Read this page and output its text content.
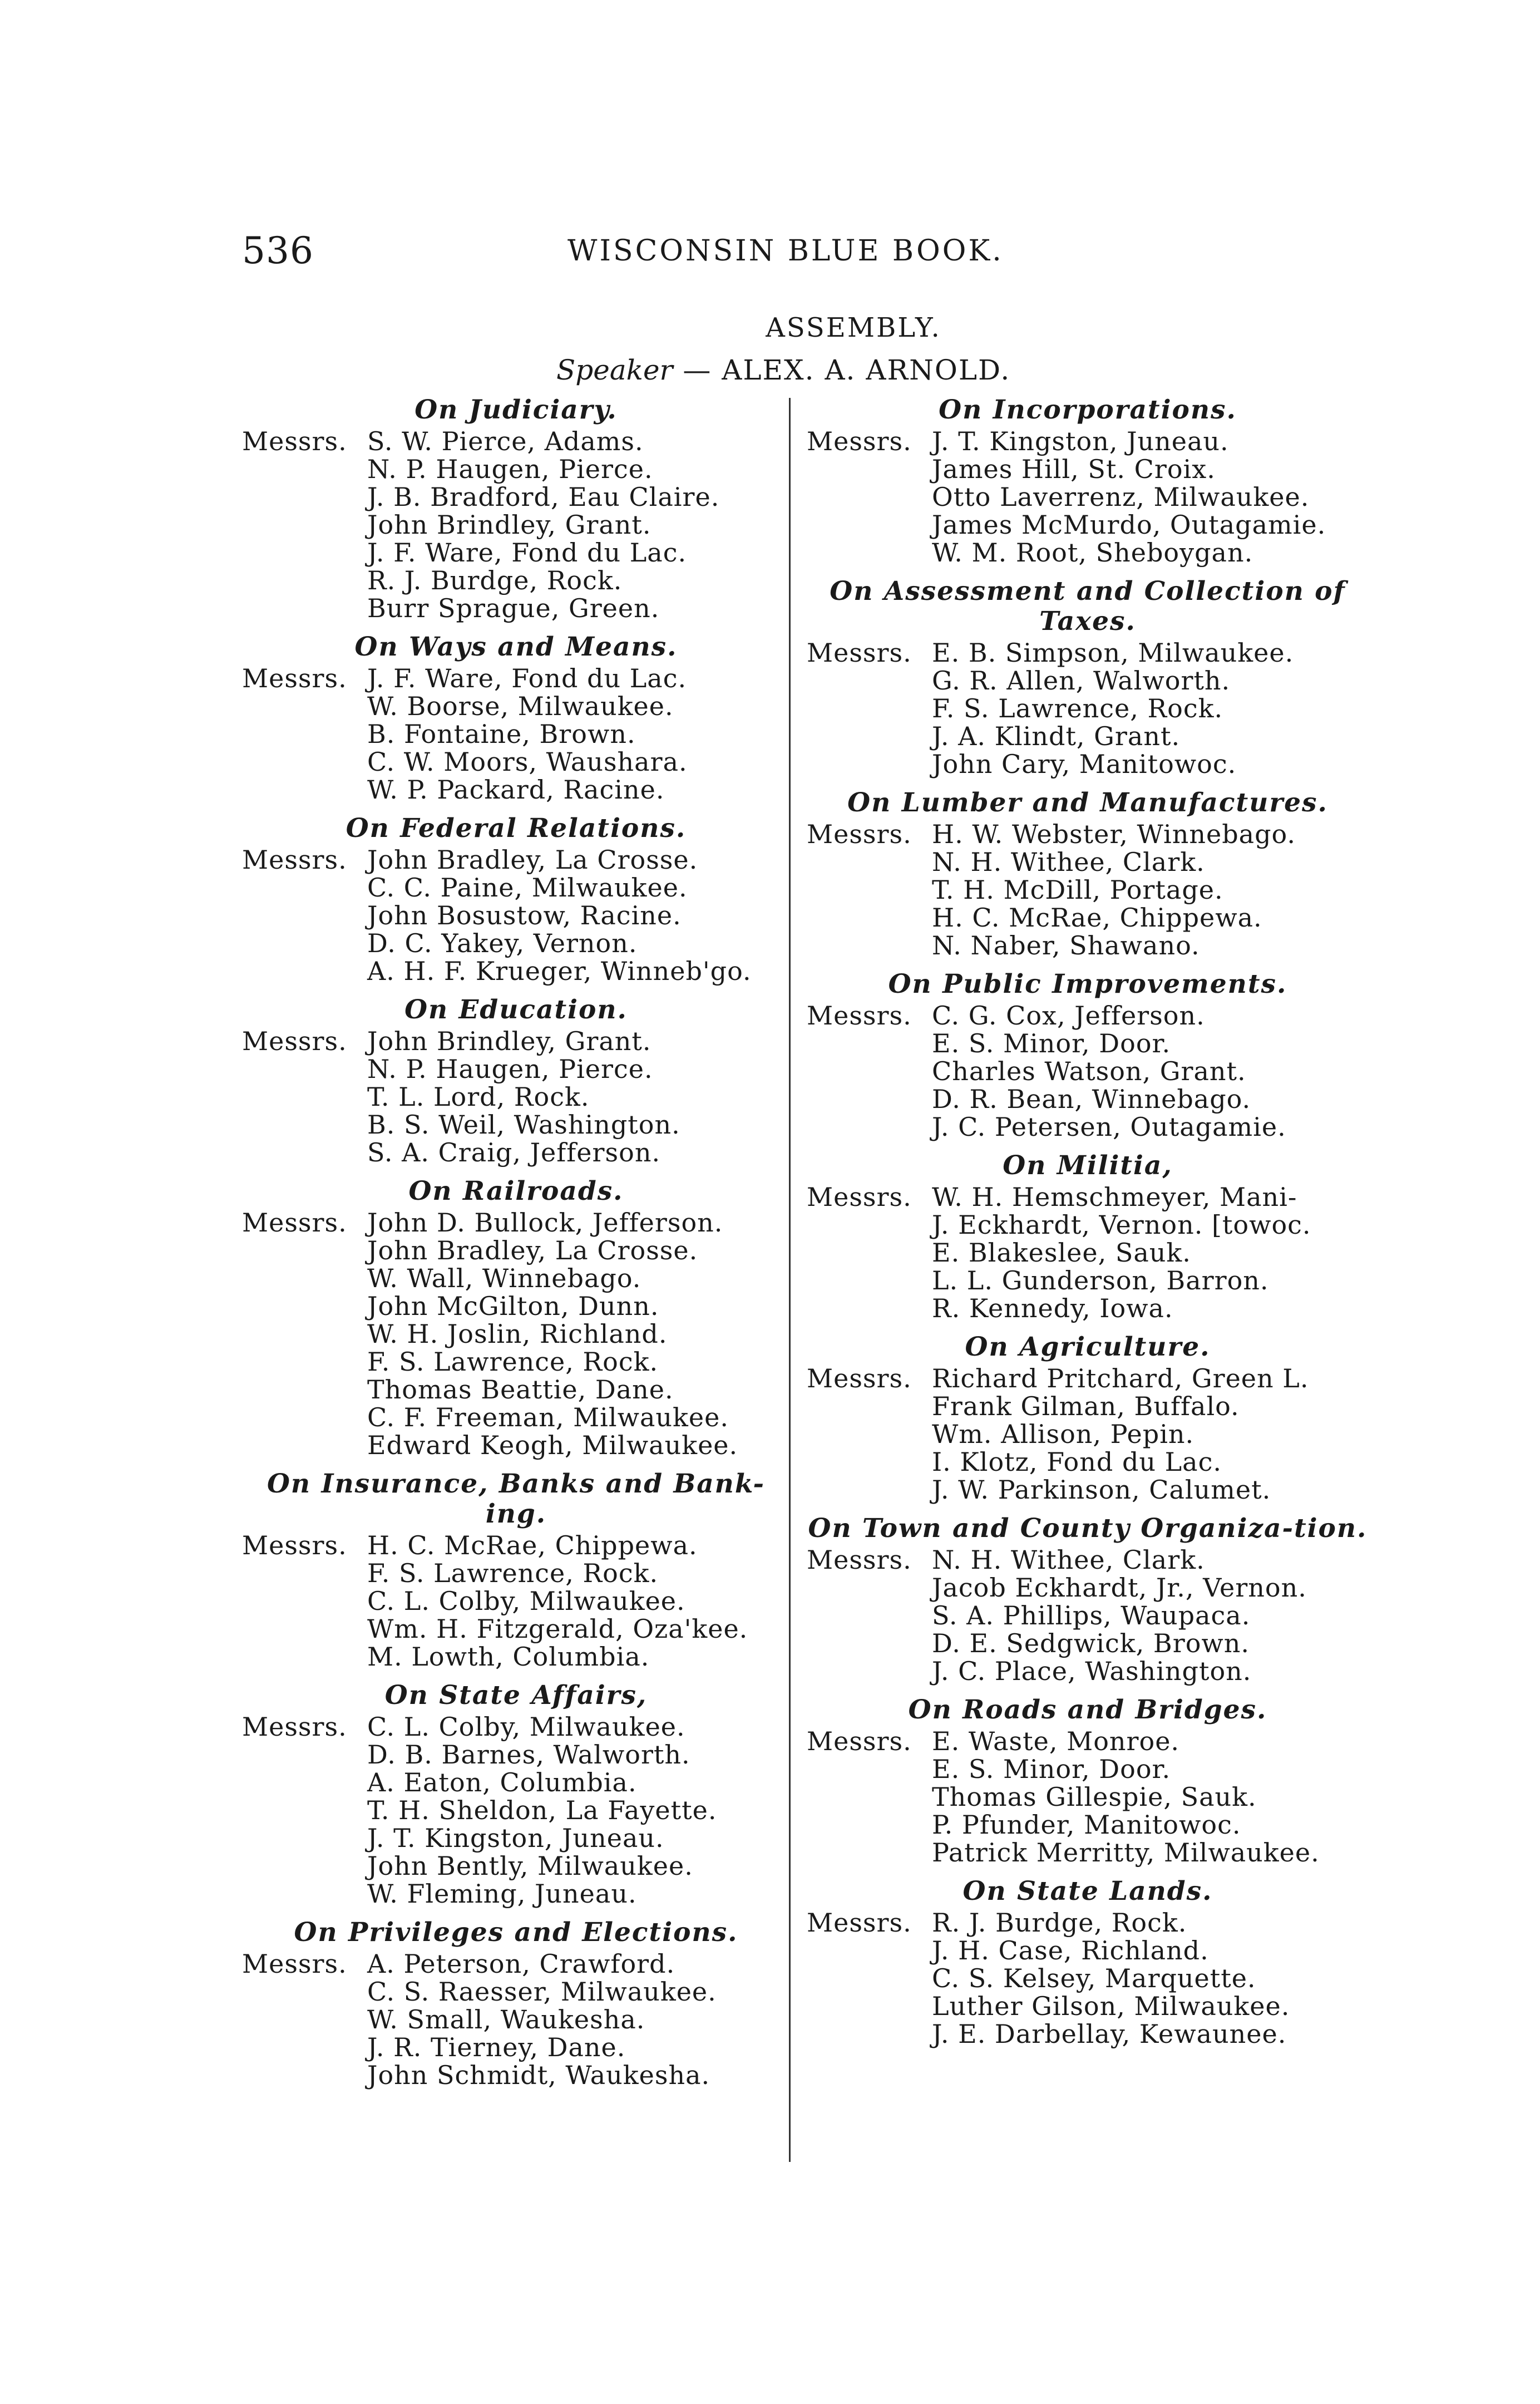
536	WISCONSIN BLUE BOOK.
ASSEMBLY.
Speaker — ALEX. A. ARNOLD.
On Judiciary.
Messrs. S. W. Pierce, Adams.
N. P. Haugen, Pierce.
J. B. Bradford, Eau Claire.
John Brindley, Grant.
J. F. Ware, Fond du Lac.
R. J. Burdge, Rock.
Burr Sprague, Green.
On Ways and Means.
Messrs. J. F. Ware, Fond du Lac.
W. Boorse, Milwaukee.
B. Fontaine, Brown.
C. W. Moors, Waushara.
W. P. Packard, Racine.
On Federal Relations.
Messrs. John Bradley, La Crosse.
C. C. Paine, Milwaukee.
John Bosustow, Racine.
D. C. Yakey, Vernon.
A. H. F. Krueger, Winneb'go.
On Education.
Messrs. John Brindley, Grant.
N. P. Haugen, Pierce.
T. L. Lord, Rock.
B. S. Weil, Washington.
S. A. Craig, Jefferson.
On Railroads.
Messrs. John D. Bullock, Jefferson.
John Bradley, La Crosse.
W. Wall, Winnebago.
John McGilton, Dunn.
W. H. Joslin, Richland.
F. S. Lawrence, Rock.
Thomas Beattie, Dane.
C. F. Freeman, Milwaukee.
Edward Keogh, Milwaukee.
On Insurance, Banks and Bank-ing.
Messrs. H. C. McRae, Chippewa.
F. S. Lawrence, Rock.
C. L. Colby, Milwaukee.
Wm. H. Fitzgerald, Oza'kee.
M. Lowth, Columbia.
On State Affairs,
Messrs. C. L. Colby, Milwaukee.
D. B. Barnes, Walworth.
A. Eaton, Columbia.
T. H. Sheldon, La Fayette.
J. T. Kingston, Juneau.
John Bently, Milwaukee.
W. Fleming, Juneau.
On Privileges and Elections.
Messrs. A. Peterson, Crawford.
C. S. Raesser, Milwaukee.
W. Small, Waukesha.
J. R. Tierney, Dane.
John Schmidt, Waukesha.
On Incorporations.
Messrs. J. T. Kingston, Juneau.
James Hill, St. Croix.
Otto Laverrenz, Milwaukee.
James McMurdo, Outagamie.
W. M. Root, Sheboygan.
On Assessment and Collection of Taxes.
Messrs. E. B. Simpson, Milwaukee.
G. R. Allen, Walworth.
F. S. Lawrence, Rock.
J. A. Klindt, Grant.
John Cary, Manitowoc.
On Lumber and Manufactures.
Messrs. H. W. Webster, Winnebago.
N. H. Withee, Clark.
T. H. McDill, Portage.
H. C. McRae, Chippewa.
N. Naber, Shawano.
On Public Improvements.
Messrs. C. G. Cox, Jefferson.
E. S. Minor, Door.
Charles Watson, Grant.
D. R. Bean, Winnebago.
J. C. Petersen, Outagamie.
On Militia,
Messrs. W. H. Hemschmeyer, Mani-
J. Eckhardt, Vernon. [towoc.
E. Blakeslee, Sauk.
L. L. Gunderson, Barron.
R. Kennedy, Iowa.
On Agriculture.
Messrs. Richard Pritchard, Green L.
Frank Gilman, Buffalo.
Wm. Allison, Pepin.
I. Klotz, Fond du Lac.
J. W. Parkinson, Calumet.
On Town and County Organiza-tion.
Messrs. N. H. Withee, Clark.
Jacob Eckhardt, Jr., Vernon.
S. A. Phillips, Waupaca.
D. E. Sedgwick, Brown.
J. C. Place, Washington.
On Roads and Bridges.
Messrs. E. Waste, Monroe.
E. S. Minor, Door.
Thomas Gillespie, Sauk.
P. Pfunder, Manitowoc.
Patrick Merritty, Milwaukee.
On State Lands.
Messrs. R. J. Burdge, Rock.
J. H. Case, Richland.
C. S. Kelsey, Marquette.
Luther Gilson, Milwaukee.
J. E. Darbellay, Kewaunee.
